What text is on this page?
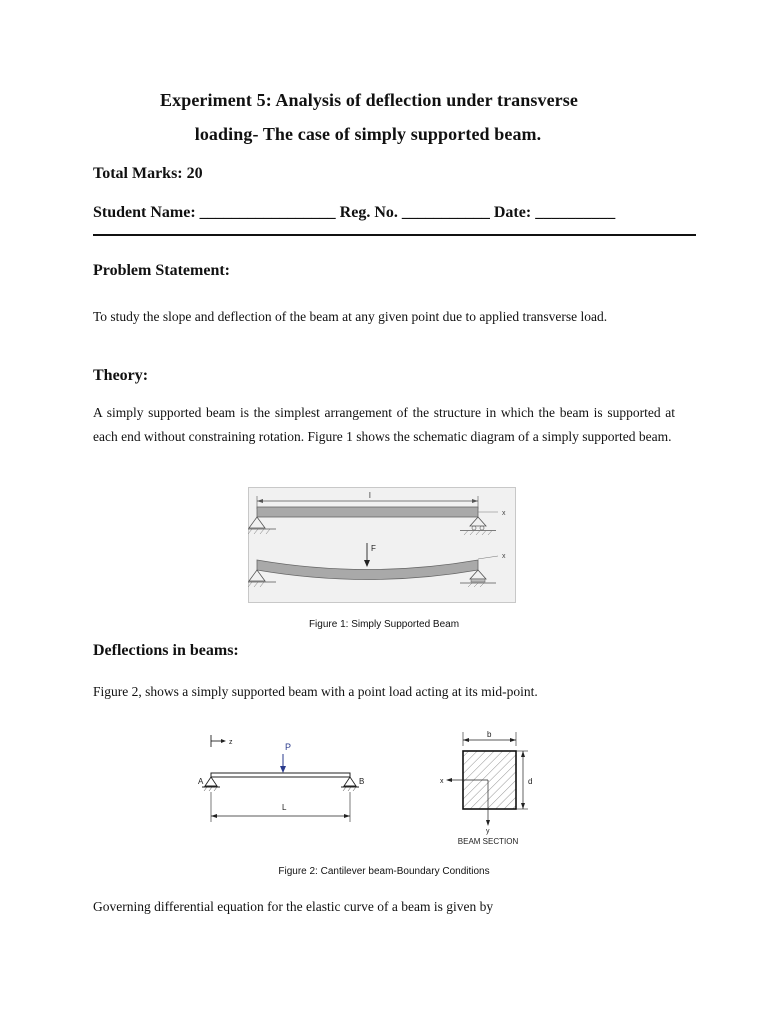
Experiment 5: Analysis of deflection under transverse
loading- The case of simply supported beam.
Total Marks: 20
Student Name: _________________ Reg. No. ___________ Date: __________
Problem Statement:
To study the slope and deflection of the beam at any given point due to applied transverse load.
Theory:
A simply supported beam is the simplest arrangement of the structure in which the beam is supported at each end without constraining rotation. Figure 1 shows the schematic diagram of a simply supported beam.
l
x
x
F
Figure 1: Simply Supported Beam
Deflections in beams:
Figure 2, shows a simply supported beam with a point load acting at its mid-point.
z	P
A	B
L
b
d
x
y
BEAM SECTION
Figure 2: Cantilever beam-Boundary Conditions
Governing differential equation for the elastic curve of a beam is given by
